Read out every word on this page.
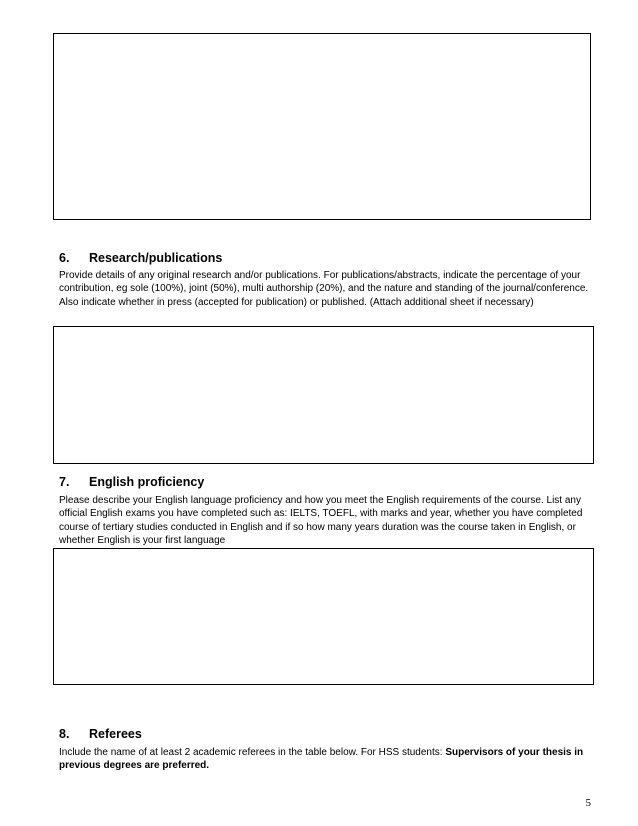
6. Research/publications

Provide details of any original research and/or publications. For publications/abstracts, indicate the percentage of your contribution, eg sole (100%), joint (50%), multi authorship (20%), and the nature and standing of the journal/conference. Also indicate whether in press (accepted for publication) or published. (Attach additional sheet if necessary)

7. English proficiency

Please describe your English language proficiency and how you meet the English requirements of the course. List any official English exams you have completed such as: IELTS, TOEFL, with marks and year, whether you have completed course of tertiary studies conducted in English and if so how many years duration was the course taken in English, or whether English is your first language

8. Referees

Include the name of at least 2 academic referees in the table below. For HSS students: Supervisors of your thesis in previous degrees are preferred.

5
